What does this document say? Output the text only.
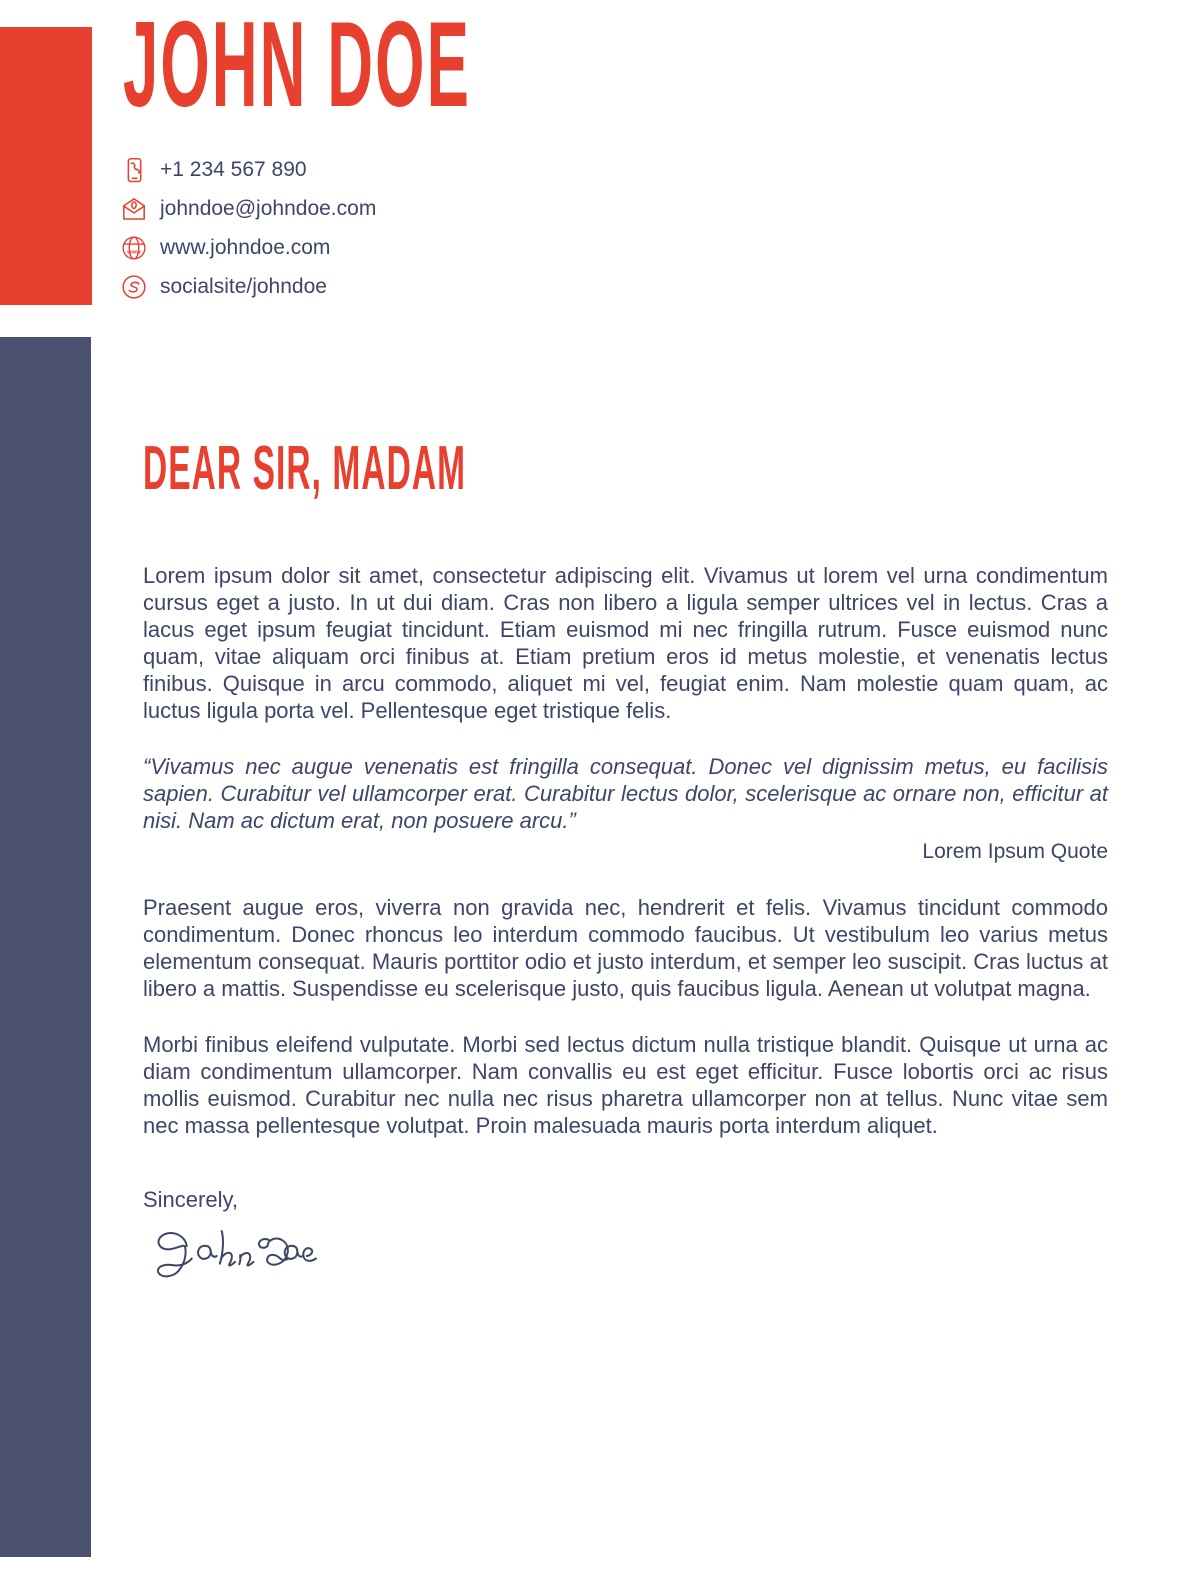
JOHN DOE
+1 234 567 890
johndoe@johndoe.com
www www.johndoe.com
socialsite/johndoe
DEAR SIR, MADAM

Lorem ipsum dolor sit amet, consectetur adipiscing elit. Vivamus ut lorem vel urna condimentum cursus eget a justo. In ut dui diam. Cras non libero a ligula semper ultrices vel in lectus. Cras a lacus eget ipsum feugiat tincidunt. Etiam euismod mi nec fringilla rutrum. Fusce euismod nunc quam, vitae aliquam orci finibus at. Etiam pretium eros id metus molestie, et venenatis lectus finibus. Quisque in arcu commodo, aliquet mi vel, feugiat enim. Nam molestie quam quam, ac luctus ligula porta vel. Pellentesque eget tristique felis.

“Vivamus nec augue venenatis est fringilla consequat. Donec vel dignissim metus, eu facilisis sapien. Curabitur vel ullamcorper erat. Curabitur lectus dolor, scelerisque ac ornare non, efficitur at nisi. Nam ac dictum erat, non posuere arcu.”

Lorem Ipsum Quote

Praesent augue eros, viverra non gravida nec, hendrerit et felis. Vivamus tincidunt commodo condimentum. Donec rhoncus leo interdum commodo faucibus. Ut vestibulum leo varius metus elementum consequat. Mauris porttitor odio et justo interdum, et semper leo suscipit. Cras luctus at libero a mattis. Suspendisse eu scelerisque justo, quis faucibus ligula. Aenean ut volutpat magna.

Morbi finibus eleifend vulputate. Morbi sed lectus dictum nulla tristique blandit. Quisque ut urna ac diam condimentum ullamcorper. Nam convallis eu est eget efficitur. Fusce lobortis orci ac risus mollis euismod. Curabitur nec nulla nec risus pharetra ullamcorper non at tellus. Nunc vitae sem nec massa pellentesque volutpat. Proin malesuada mauris porta interdum aliquet.

Sincerely,
